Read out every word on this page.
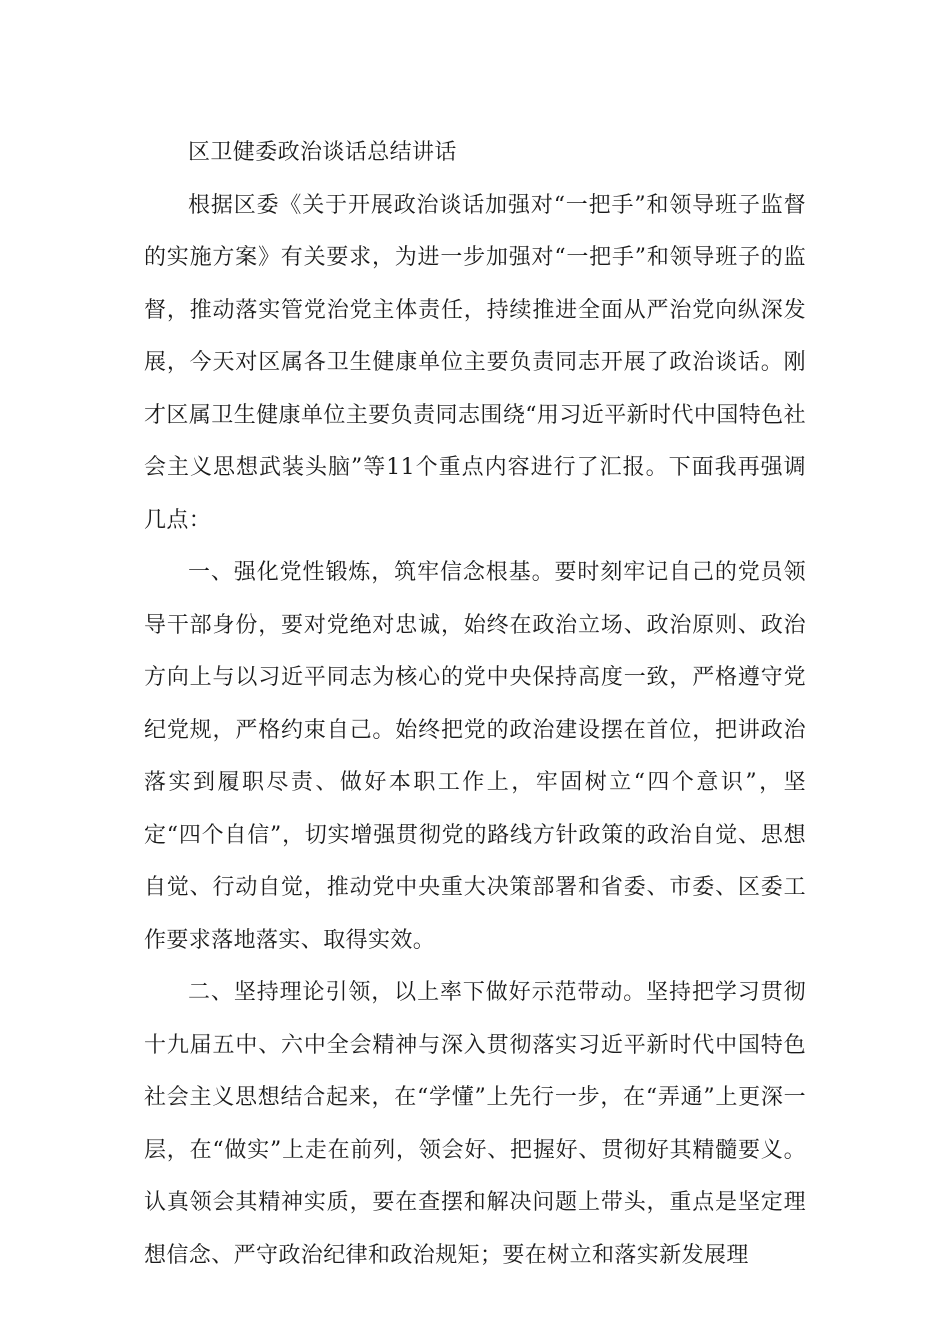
区卫健委政治谈话总结讲话

根据区委《关于开展政治谈话加强对“一把手”和领导班子监督的实施方案》有关要求，为进一步加强对“一把手”和领导班子的监督，推动落实管党治党主体责任，持续推进全面从严治党向纵深发展，今天对区属各卫生健康单位主要负责同志开展了政治谈话。刚才区属卫生健康单位主要负责同志围绕“用习近平新时代中国特色社会主义思想武装头脑”等11个重点内容进行了汇报。下面我再强调几点：

一、强化党性锻炼，筑牢信念根基。要时刻牢记自己的党员领导干部身份，要对党绝对忠诚，始终在政治立场、政治原则、政治方向上与以习近平同志为核心的党中央保持高度一致，严格遵守党纪党规，严格约束自己。始终把党的政治建设摆在首位，把讲政治落实到履职尽责、做好本职工作上，牢固树立“四个意识”，坚定“四个自信”，切实增强贯彻党的路线方针政策的政治自觉、思想自觉、行动自觉，推动党中央重大决策部署和省委、市委、区委工作要求落地落实、取得实效。

二、坚持理论引领，以上率下做好示范带动。坚持把学习贯彻十九届五中、六中全会精神与深入贯彻落实习近平新时代中国特色社会主义思想结合起来，在“学懂”上先行一步，在“弄通”上更深一层，在“做实”上走在前列，领会好、把握好、贯彻好其精髓要义。认真领会其精神实质，要在查摆和解决问题上带头，重点是坚定理想信念、严守政治纪律和政治规矩；要在树立和落实新发展理
